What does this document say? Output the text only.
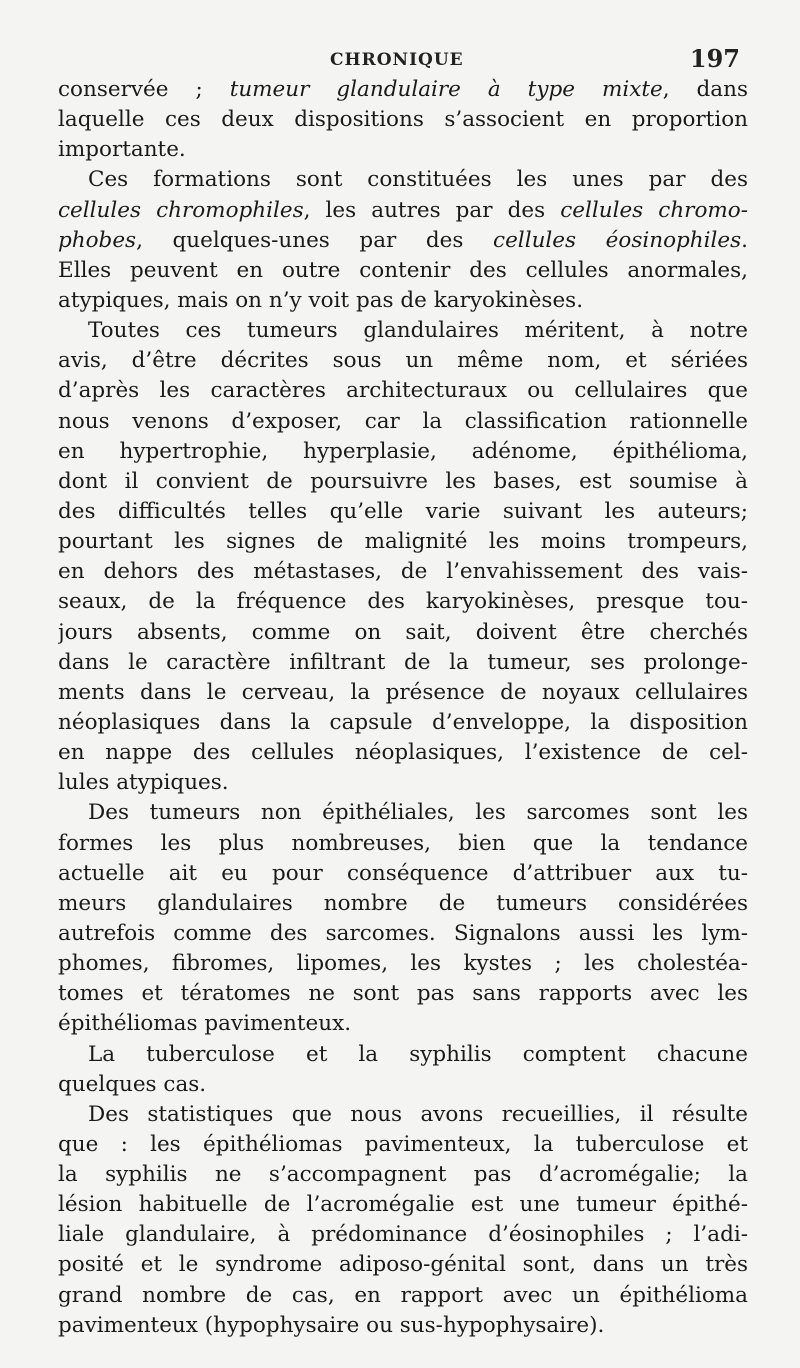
CHRONIQUE	197
conservée ; tumeur glandulaire à type mixte, dans
laquelle ces deux dispositions s’associent en proportion
importante.
Ces formations sont constituées les unes par des
cellules chromophiles, les autres par des cellules chromo-
phobes, quelques-unes par des cellules éosinophiles.
Elles peuvent en outre contenir des cellules anormales,
atypiques, mais on n’y voit pas de karyokinèses.
Toutes ces tumeurs glandulaires méritent, à notre
avis, d’être décrites sous un même nom, et sériées
d’après les caractères architecturaux ou cellulaires que
nous venons d’exposer, car la classification rationnelle
en hypertrophie, hyperplasie, adénome, épithélioma,
dont il convient de poursuivre les bases, est soumise à
des difficultés telles qu’elle varie suivant les auteurs;
pourtant les signes de malignité les moins trompeurs,
en dehors des métastases, de l’envahissement des vais-
seaux, de la fréquence des karyokinèses, presque tou-
jours absents, comme on sait, doivent être cherchés
dans le caractère infiltrant de la tumeur, ses prolonge-
ments dans le cerveau, la présence de noyaux cellulaires
néoplasiques dans la capsule d’enveloppe, la disposition
en nappe des cellules néoplasiques, l’existence de cel-
lules atypiques.
Des tumeurs non épithéliales, les sarcomes sont les
formes les plus nombreuses, bien que la tendance
actuelle ait eu pour conséquence d’attribuer aux tu-
meurs glandulaires nombre de tumeurs considérées
autrefois comme des sarcomes. Signalons aussi les lym-
phomes, fibromes, lipomes, les kystes ; les cholestéa-
tomes et tératomes ne sont pas sans rapports avec les
épithéliomas pavimenteux.
La tuberculose et la syphilis comptent chacune
quelques cas.
Des statistiques que nous avons recueillies, il résulte
que : les épithéliomas pavimenteux, la tuberculose et
la syphilis ne s’accompagnent pas d’acromégalie; la
lésion habituelle de l’acromégalie est une tumeur épithé-
liale glandulaire, à prédominance d’éosinophiles ; l’adi-
posité et le syndrome adiposo-génital sont, dans un très
grand nombre de cas, en rapport avec un épithélioma
pavimenteux (hypophysaire ou sus-hypophysaire).
